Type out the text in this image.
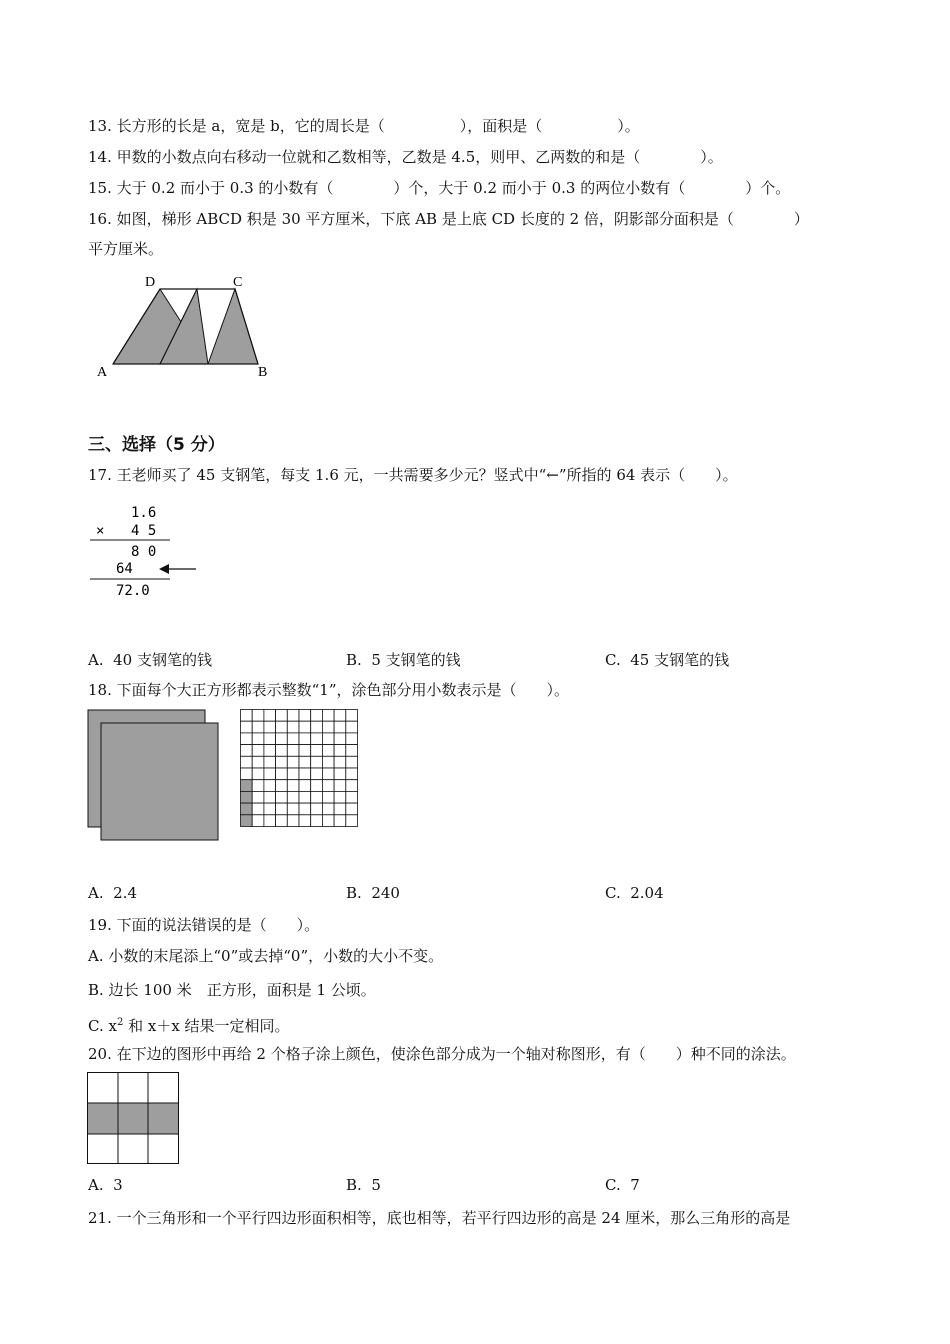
13. 长方形的长是 a，宽是 b，它的周长是（　　　　　），面积是（　　　　　）。
14. 甲数的小数点向右移动一位就和乙数相等，乙数是 4.5，则甲、乙两数的和是（　　　　）。
15. 大于 0.2 而小于 0.3 的小数有（　　　　）个，大于 0.2 而小于 0.3 的两位小数有（　　　　）个。
16. 如图，梯形 ABCD 积是 30 平方厘米，下底 AB 是上底 CD 长度的 2 倍，阴影部分面积是（　　　　）
平方厘米。
D	C
A	B
三、选择（5 分）
17. 王老师买了 45 支钢笔，每支 1.6 元，一共需要多少元？竖式中“←”所指的 64 表示（　　）。
1.6
× 4 5
8 0
64
72.0
A.  40 支钢笔的钱	B.  5 支钢笔的钱	C.  45 支钢笔的钱
18. 下面每个大正方形都表示整数“1”，涂色部分用小数表示是（　　）。
A.  2.4	B.  240	C.  2.04
19. 下面的说法错误的是（　　）。
A. 小数的末尾添上“0”或去掉“0”，小数的大小不变。
B. 边长 100 米　正方形，面积是 1 公顷。
C. $x^2$ 和 x＋x 结果一定相同。
20. 在下边的图形中再给 2 个格子涂上颜色，使涂色部分成为一个轴对称图形，有（　　）种不同的涂法。
A.  3	B.  5	C.  7
21. 一个三角形和一个平行四边形面积相等，底也相等，若平行四边形的高是 24 厘米，那么三角形的高是
